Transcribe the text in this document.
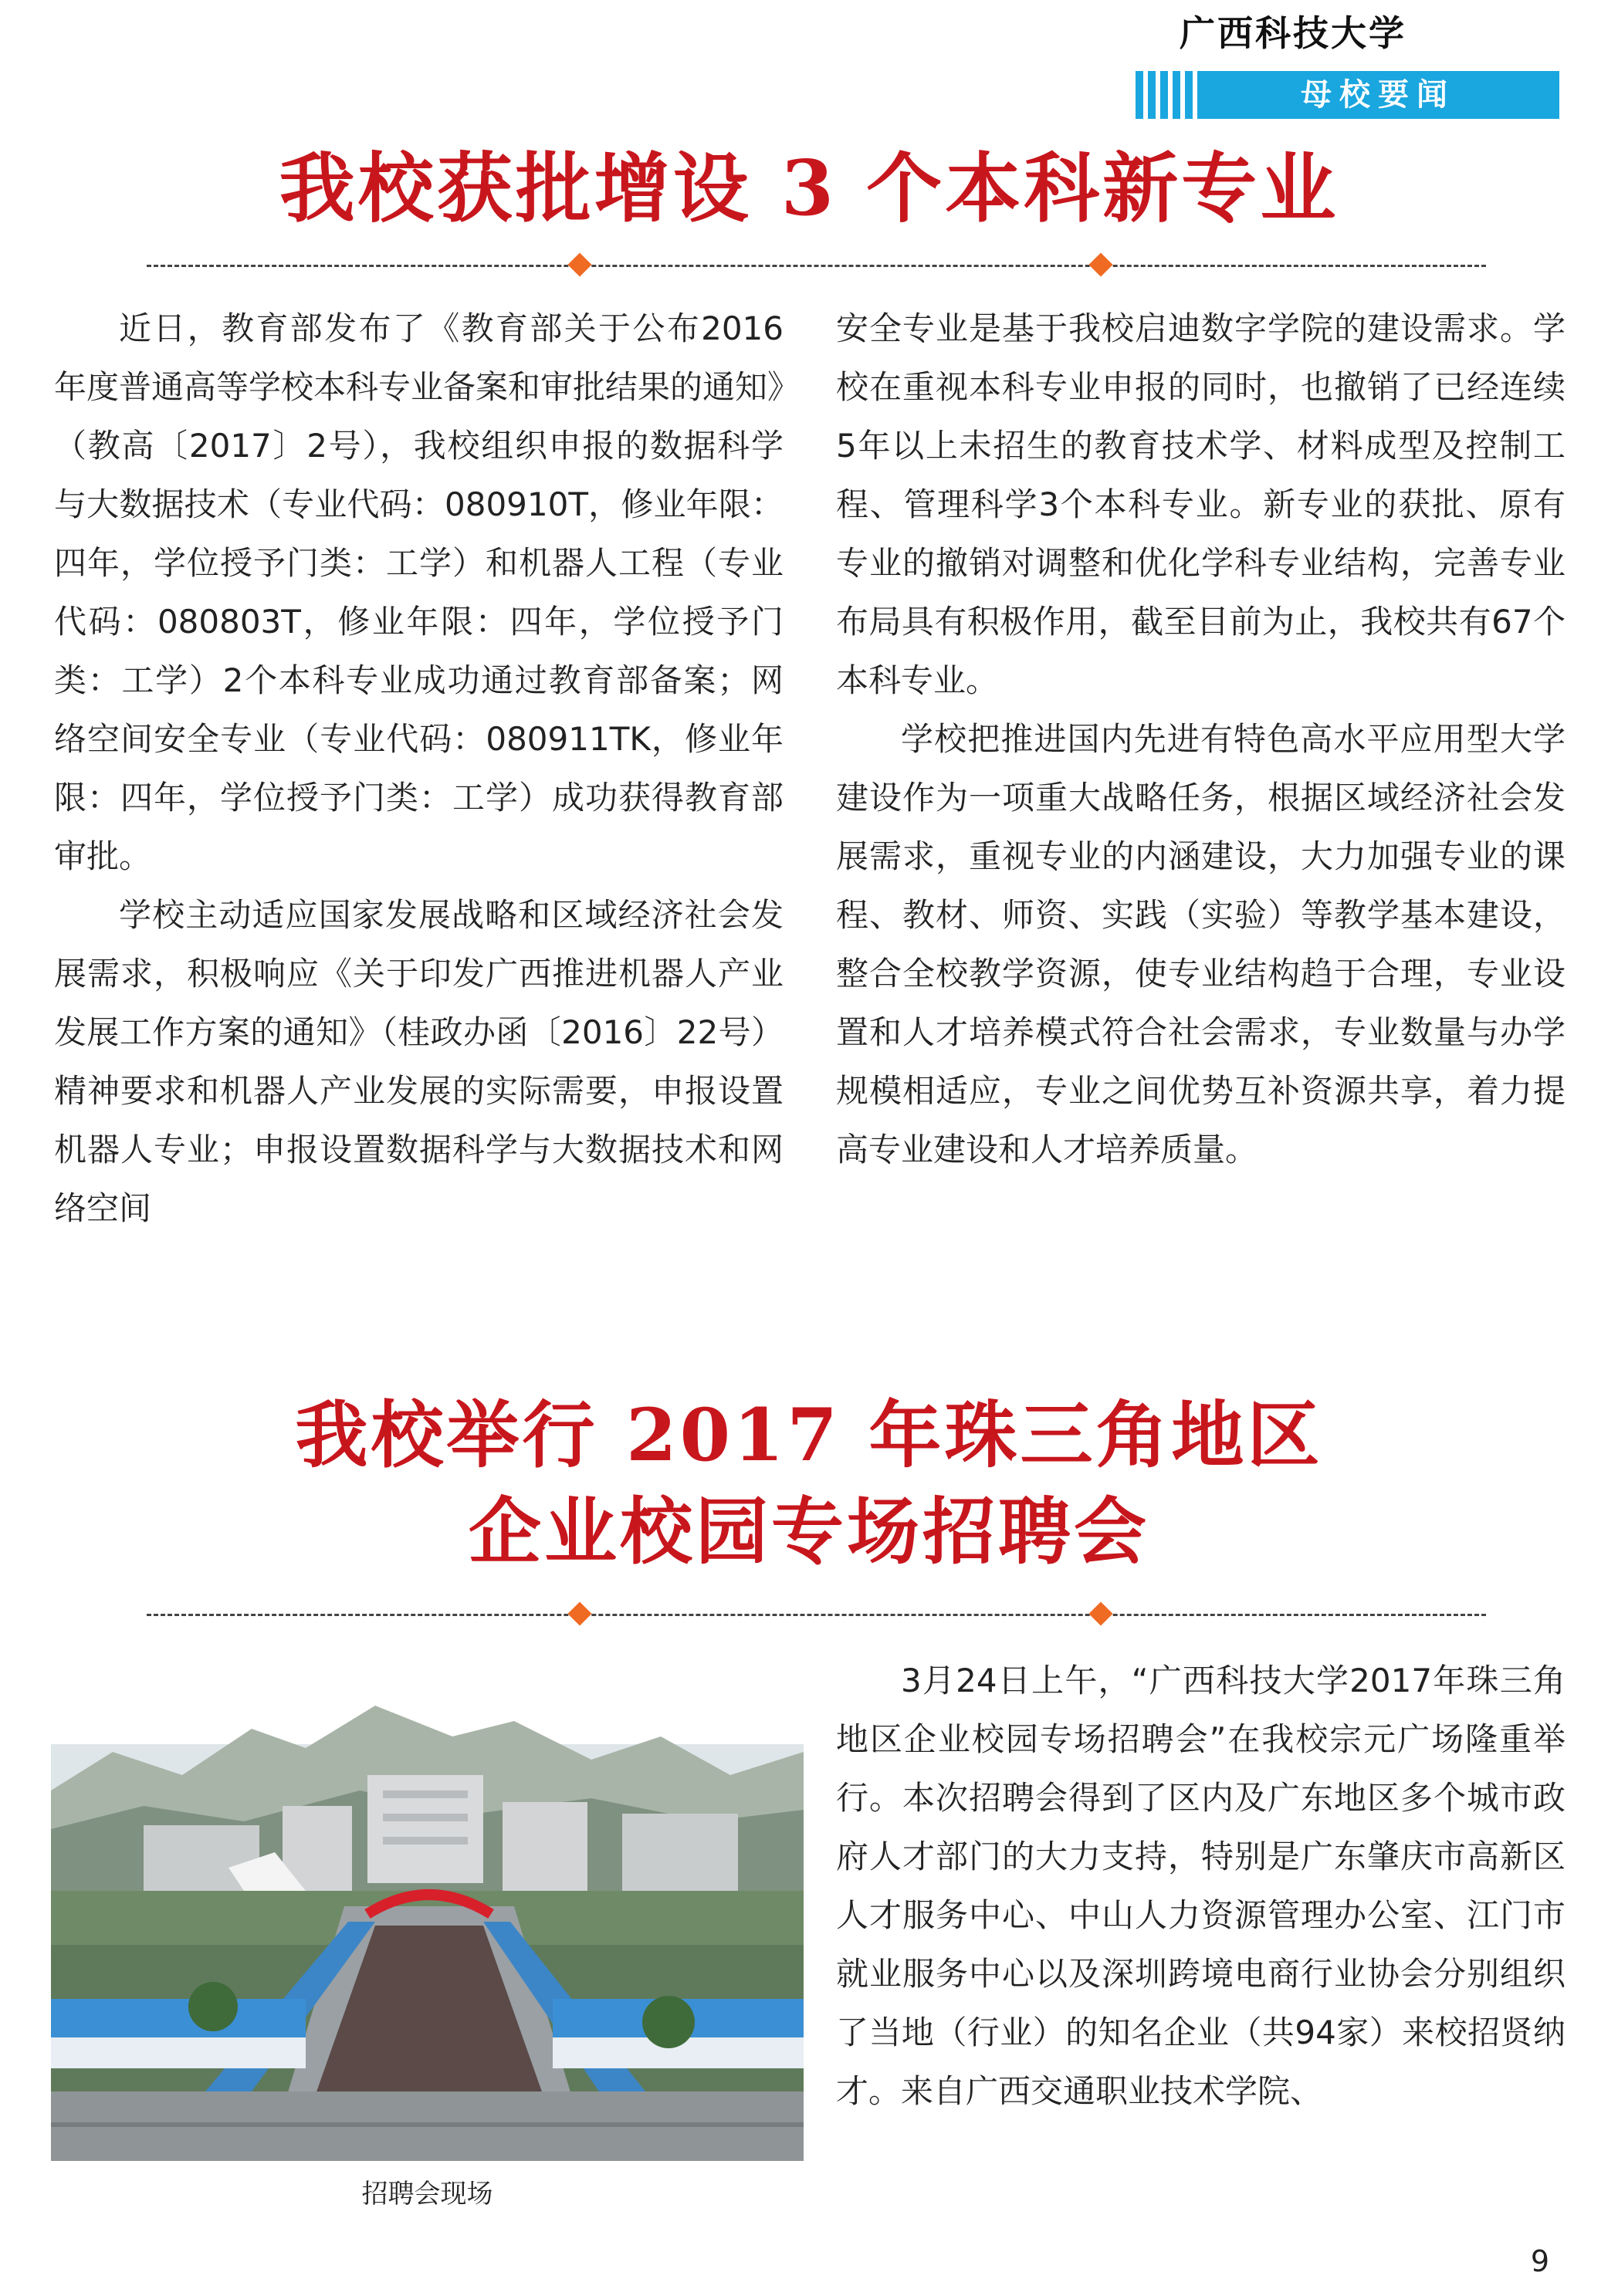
广西科技大学
母校要闻
我校获批增设 3 个本科新专业

近日，教育部发布了《教育部关于公布2016年度普通高等学校本科专业备案和审批结果的通知》（教高〔2017〕2号），我校组织申报的数据科学与大数据技术（专业代码：080910T，修业年限：四年，学位授予门类：工学）和机器人工程（专业代码：080803T，修业年限：四年，学位授予门类：工学）2个本科专业成功通过教育部备案；网络空间安全专业（专业代码：080911TK，修业年限：四年，学位授予门类：工学）成功获得教育部审批。

学校主动适应国家发展战略和区域经济社会发展需求，积极响应《关于印发广西推进机器人产业发展工作方案的通知》（桂政办函〔2016〕22号）精神要求和机器人产业发展的实际需要，申报设置机器人专业；申报设置数据科学与大数据技术和网络空间

安全专业是基于我校启迪数字学院的建设需求。学校在重视本科专业申报的同时，也撤销了已经连续5年以上未招生的教育技术学、材料成型及控制工程、管理科学3个本科专业。新专业的获批、原有专业的撤销对调整和优化学科专业结构，完善专业布局具有积极作用，截至目前为止，我校共有67个本科专业。

学校把推进国内先进有特色高水平应用型大学建设作为一项重大战略任务，根据区域经济社会发展需求，重视专业的内涵建设，大力加强专业的课程、教材、师资、实践（实验）等教学基本建设，整合全校教学资源，使专业结构趋于合理，专业设置和人才培养模式符合社会需求，专业数量与办学规模相适应，专业之间优势互补资源共享，着力提高专业建设和人才培养质量。

我校举行 2017 年珠三角地区
企业校园专场招聘会
招聘会现场

3月24日上午，“广西科技大学2017年珠三角地区企业校园专场招聘会”在我校宗元广场隆重举行。本次招聘会得到了区内及广东地区多个城市政府人才部门的大力支持，特别是广东肇庆市高新区人才服务中心、中山人力资源管理办公室、江门市就业服务中心以及深圳跨境电商行业协会分别组织了当地（行业）的知名企业（共94家）来校招贤纳才。来自广西交通职业技术学院、

9
